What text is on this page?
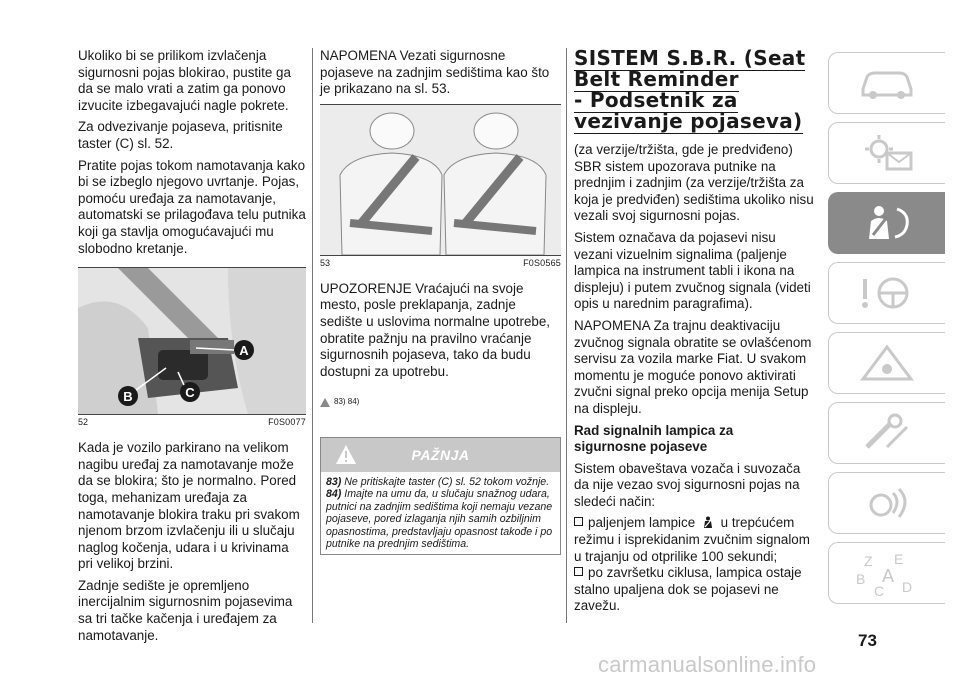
Ukoliko bi se prilikom izvlačenja sigurnosni pojas blokirao, pustite ga da se malo vrati a zatim ga ponovo izvucite izbegavajući nagle pokrete.

Za odvezivanje pojaseva, pritisnite taster (C) sl. 52.

Pratite pojas tokom namotavanja kako bi se izbeglo njegovo uvrtanje. Pojas, pomoću uređaja za namotavanje, automatski se prilagođava telu putnika koji ga stavlja omogućavajući mu slobodno kretanje.

A
B	C
52	F0S0077

Kada je vozilo parkirano na velikom nagibu uređaj za namotavanje može da se blokira; što je normalno. Pored toga, mehanizam uređaja za namotavanje blokira traku pri svakom njenom brzom izvlačenju ili u slučaju naglog kočenja, udara i u krivinama pri velikoj brzini.

Zadnje sedište je opremljeno inercijalnim sigurnosnim pojasevima sa tri tačke kačenja i uređajem za namotavanje.

NAPOMENA Vezati sigurnosne pojaseve na zadnjim sedištima kao što je prikazano na sl. 53.

53	F0S0565

UPOZORENJE Vraćajući na svoje mesto, posle preklapanja, zadnje sedište u uslovima normalne upotrebe, obratite pažnju na pravilno vraćanje sigurnosnih pojaseva, tako da budu dostupni za upotrebu.

83) 84)
PAŽNJA
83) Ne pritiskajte taster (C) sl. 52 tokom vožnje.
84) Imajte na umu da, u slučaju snažnog udara, putnici na zadnjim sedištima koji nemaju vezane pojaseve, pored izlaganja njih samih ozbiljnim opasnostima, predstavljaju opasnost takođe i po putnike na prednjim sedištima.
SISTEM S.B.R. (Seat
Belt Reminder
- Podsetnik za
vezivanje pojaseva)

(za verzije/tržišta, gde je predviđeno) SBR sistem upozorava putnike na prednjim i zadnjim (za verzije/tržišta za koja je predviđen) sedištima ukoliko nisu vezali svoj sigurnosni pojas.

Sistem označava da pojasevi nisu vezani vizuelnim signalima (paljenje lampica na instrument tabli i ikona na displeju) i putem zvučnog signala (videti opis u narednim paragrafima).

NAPOMENA Za trajnu deaktivaciju zvučnog signala obratite se ovlašćenom servisu za vozila marke Fiat. U svakom momentu je moguće ponovo aktivirati zvučni signal preko opcija menija Setup na displeju.

Rad signalnih lampica za
sigurnosne pojaseve

Sistem obaveštava vozača i suvozača da nije vezao svoj sigurnosni pojas na sledeći način:

paljenjem lampice u trepćućem režimu i isprekidanim zvučnim signalom u trajanju od otprilike 100 sekundi;

po završetku ciklusa, lampica ostaje stalno upaljena dok se pojasevi ne zavežu.

Z E
B A
C D
73
carmanualsonline.info
